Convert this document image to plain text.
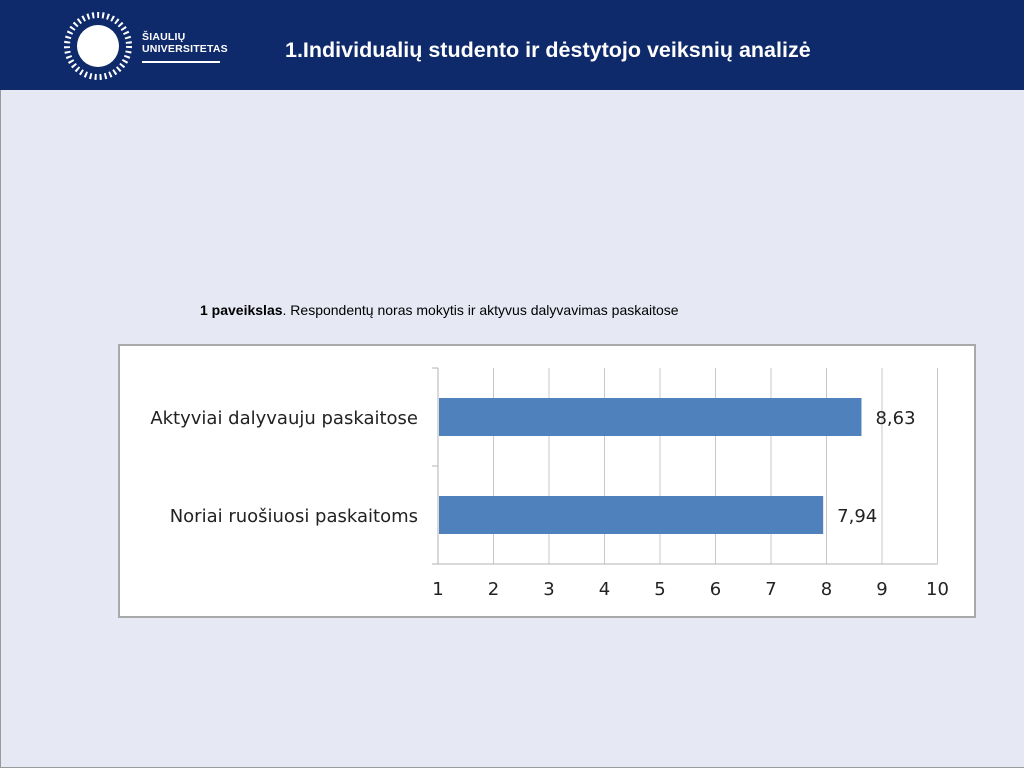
ŠIAULIŲ
UNIVERSITETAS	1.Individualių studento ir dėstytojo veiksnių analizė
1 paveikslas. Respondentų noras mokytis ir aktyvus dalyvavimas paskaitose
1 2 3 4 5 6 7 8 9 10
Aktyviai dalyvauju paskaitose	8,63
Noriai ruošiuosi paskaitoms	7,94
